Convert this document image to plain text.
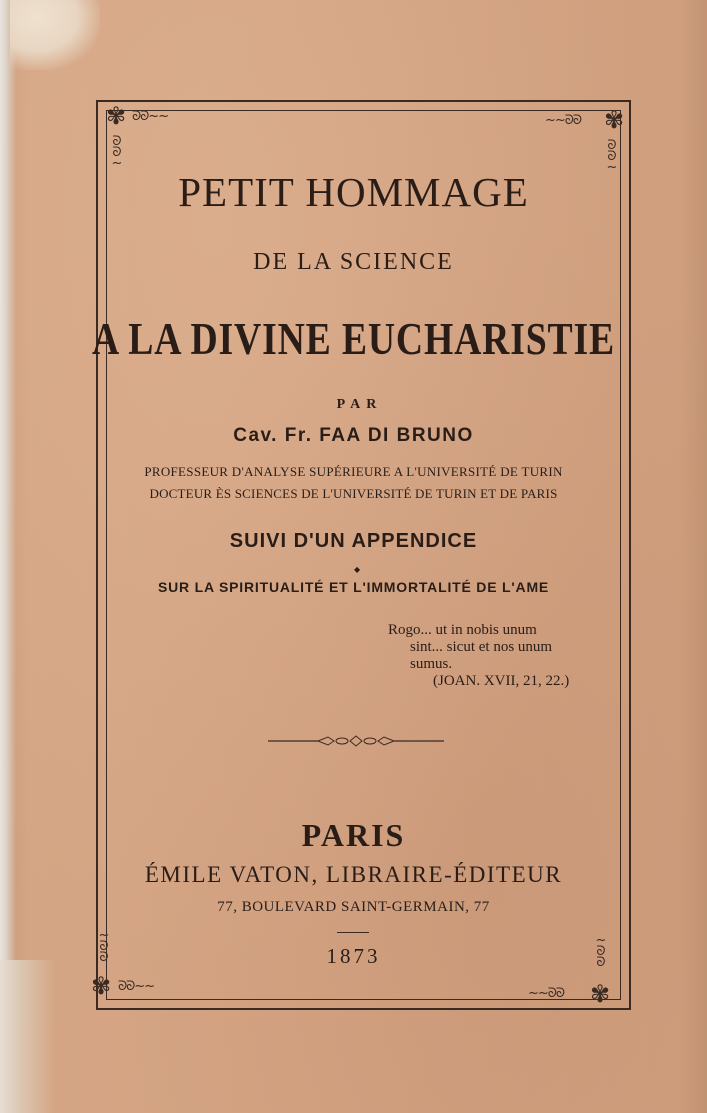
✾	✾
✾	✾
ᘐᘐ~~	~~ᘐᘐ
ᘐᘐ~~	~~ᘐᘐ
ᘐ
ᘐ
~
ᘐ
ᘐ
~
~
ᘐ
ᘐ
~
ᘐ
ᘐ
PETIT HOMMAGE
DE LA SCIENCE
A LA DIVINE EUCHARISTIE
PAR
Cav. Fr. FAA DI BRUNO
PROFESSEUR D'ANALYSE SUPÉRIEURE A L'UNIVERSITÉ DE TURIN
DOCTEUR ÈS SCIENCES DE L'UNIVERSITÉ DE TURIN ET DE PARIS
SUIVI D'UN APPENDICE
◆
SUR LA SPIRITUALITÉ ET L'IMMORTALITÉ DE L'AME
Rogo... ut in nobis unum
sint... sicut et nos unum
sumus.
(JOAN. XVII, 21, 22.)
PARIS
ÉMILE VATON, LIBRAIRE-ÉDITEUR
77, BOULEVARD SAINT-GERMAIN, 77
1873
